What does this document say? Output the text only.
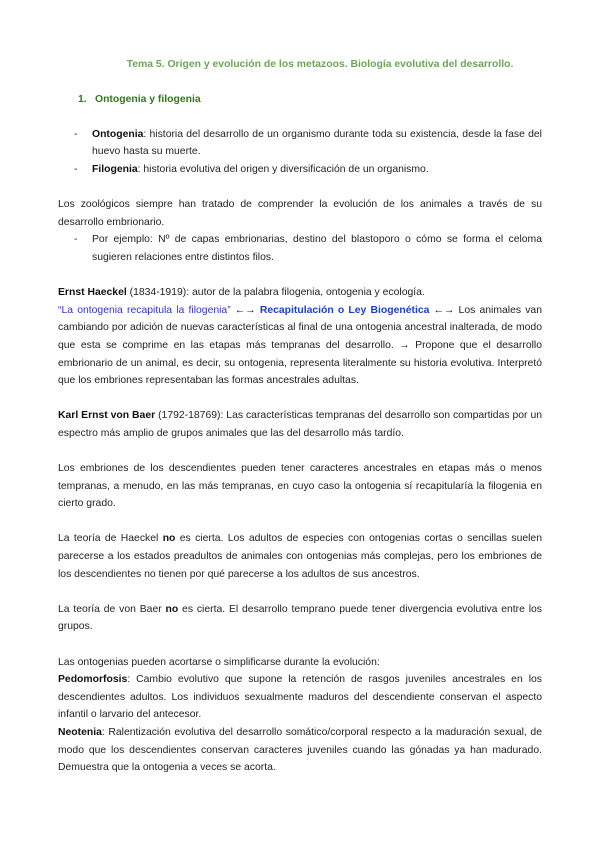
Tema 5. Origen y evolución de los metazoos. Biología evolutiva del desarrollo.
1. Ontogenia y filogenia
- Ontogenia: historia del desarrollo de un organismo durante toda su existencia, desde la fase del huevo hasta su muerte.
- Filogenia: historia evolutiva del origen y diversificación de un organismo.

Los zoológicos siempre han tratado de comprender la evolución de los animales a través de su desarrollo embrionario.

- Por ejemplo: Nº de capas embrionarias, destino del blastoporo o cómo se forma el celoma sugieren relaciones entre distintos filos.

Ernst Haeckel (1834-1919): autor de la palabra filogenia, ontogenia y ecología.
“La ontogenia recapitula la filogenia” ←→ Recapitulación o Ley Biogenética ←→ Los animales van cambiando por adición de nuevas características al final de una ontogenia ancestral inalterada, de modo que esta se comprime en las etapas más tempranas del desarrollo. → Propone que el desarrollo embrionario de un animal, es decir, su ontogenia, representa literalmente su historia evolutiva. Interpretó que los embriones representaban las formas ancestrales adultas.

Karl Ernst von Baer (1792-18769): Las características tempranas del desarrollo son compartidas por un espectro más amplio de grupos animales que las del desarrollo más tardío.

Los embriones de los descendientes pueden tener caracteres ancestrales en etapas más o menos tempranas, a menudo, en las más tempranas, en cuyo caso la ontogenia sí recapitularía la filogenia en cierto grado.

La teoría de Haeckel no es cierta. Los adultos de especies con ontogenias cortas o sencillas suelen parecerse a los estados preadultos de animales con ontogenias más complejas, pero los embriones de los descendientes no tienen por qué parecerse a los adultos de sus ancestros.

La teoría de von Baer no es cierta. El desarrollo temprano puede tener divergencia evolutiva entre los grupos.

Las ontogenias pueden acortarse o simplificarse durante la evolución:

Pedomorfosis: Cambio evolutivo que supone la retención de rasgos juveniles ancestrales en los descendientes adultos. Los individuos sexualmente maduros del descendiente conservan el aspecto infantil o larvario del antecesor.

Neotenia: Ralentización evolutiva del desarrollo somático/corporal respecto a la maduración sexual, de modo que los descendientes conservan caracteres juveniles cuando las gónadas ya han madurado. Demuestra que la ontogenia a veces se acorta.
